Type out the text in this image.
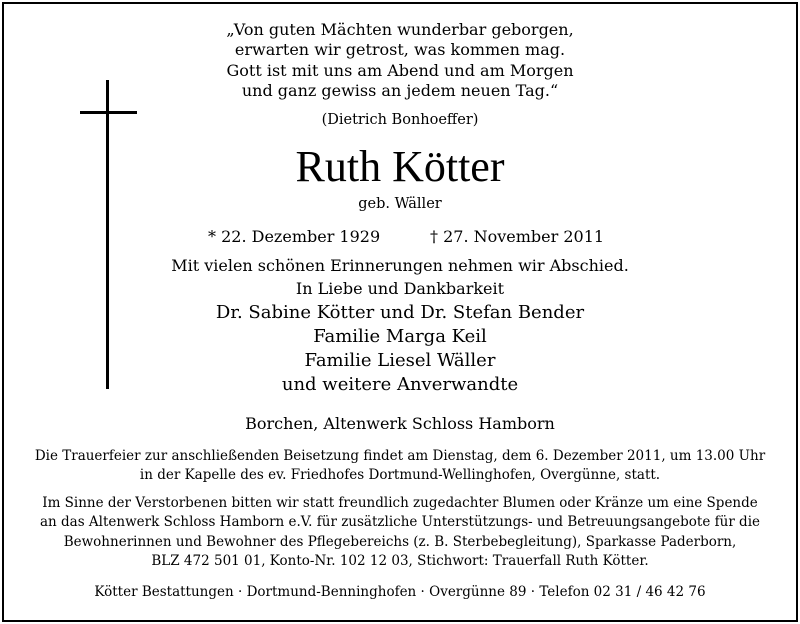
„Von guten Mächten wunderbar geborgen,
erwarten wir getrost, was kommen mag.
Gott ist mit uns am Abend und am Morgen
und ganz gewiss an jedem neuen Tag.“
(Dietrich Bonhoeffer)
Ruth Kötter
geb. Wäller
* 22. Dezember 1929	† 27. November 2011
Mit vielen schönen Erinnerungen nehmen wir Abschied.
In Liebe und Dankbarkeit
Dr. Sabine Kötter und Dr. Stefan Bender
Familie Marga Keil
Familie Liesel Wäller
und weitere Anverwandte
Borchen, Altenwerk Schloss Hamborn
Die Trauerfeier zur anschließenden Beisetzung findet am Dienstag, dem 6. Dezember 2011, um 13.00 Uhr
in der Kapelle des ev. Friedhofes Dortmund-Wellinghofen, Overgünne, statt.
Im Sinne der Verstorbenen bitten wir statt freundlich zugedachter Blumen oder Kränze um eine Spende
an das Altenwerk Schloss Hamborn e.V. für zusätzliche Unterstützungs- und Betreuungsangebote für die
Bewohnerinnen und Bewohner des Pflegebereichs (z. B. Sterbebegleitung), Sparkasse Paderborn,
BLZ 472 501 01, Konto-Nr. 102 12 03, Stichwort: Trauerfall Ruth Kötter.
Kötter Bestattungen · Dortmund-Benninghofen · Overgünne 89 · Telefon 02 31 / 46 42 76
